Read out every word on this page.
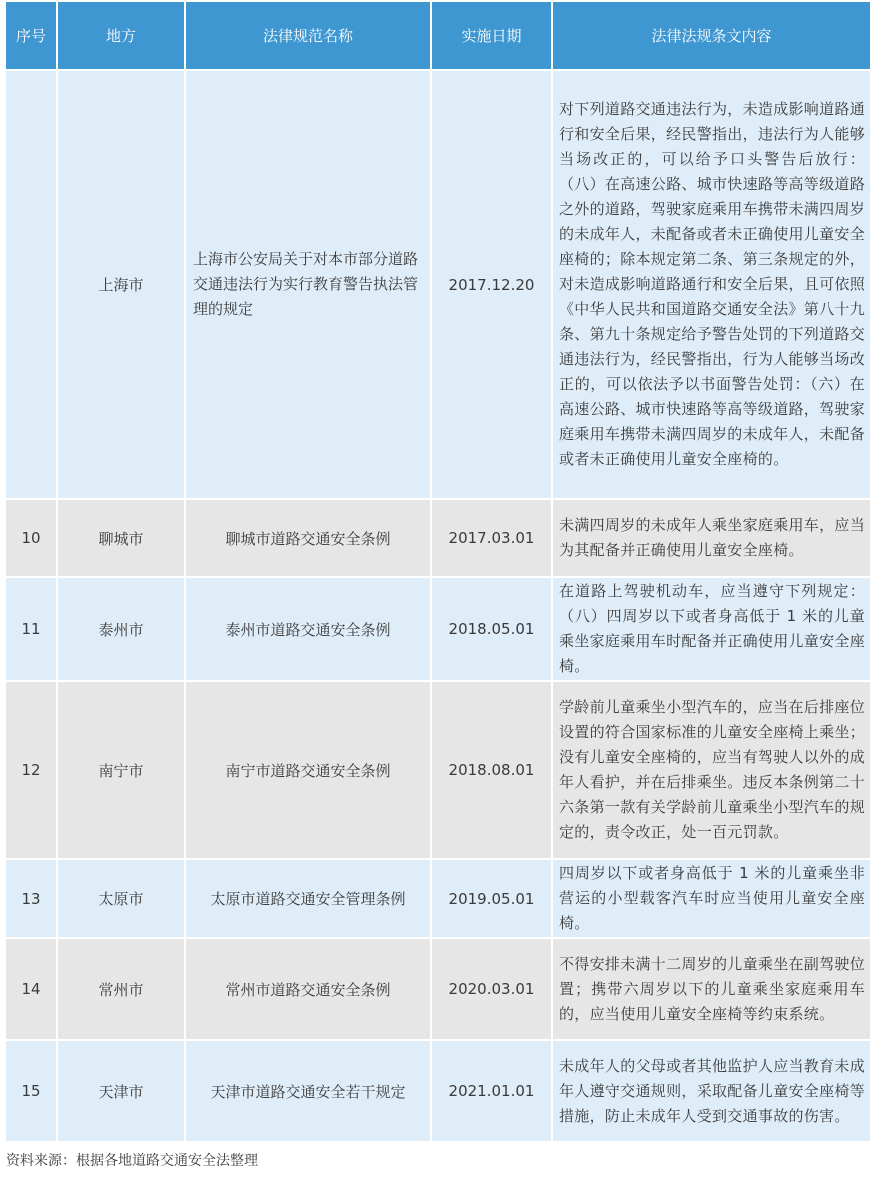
序号	地方	法律规范名称	实施日期	法律法规条文内容
	上海市	上海市公安局关于对本市部分道路交通违法行为实行教育警告执法管理的规定	2017.12.20	对下列道路交通违法行为，未造成影响道路通行和安全后果，经民警指出，违法行为人能够当场改正的，可以给予口头警告后放行：（八）在高速公路、城市快速路等高等级道路之外的道路，驾驶家庭乘用车携带未满四周岁的未成年人，未配备或者未正确使用儿童安全座椅的；除本规定第二条、第三条规定的外，对未造成影响道路通行和安全后果，且可依照《中华人民共和国道路交通安全法》第八十九条、第九十条规定给予警告处罚的下列道路交通违法行为，经民警指出，行为人能够当场改正的，可以依法予以书面警告处罚：（六）在高速公路、城市快速路等高等级道路，驾驶家庭乘用车携带未满四周岁的未成年人，未配备或者未正确使用儿童安全座椅的。
10	聊城市	聊城市道路交通安全条例	2017.03.01	未满四周岁的未成年人乘坐家庭乘用车，应当为其配备并正确使用儿童安全座椅。
11	泰州市	泰州市道路交通安全条例	2018.05.01	在道路上驾驶机动车，应当遵守下列规定：（八）四周岁以下或者身高低于 1 米的儿童乘坐家庭乘用车时配备并正确使用儿童安全座椅。
12	南宁市	南宁市道路交通安全条例	2018.08.01	学龄前儿童乘坐小型汽车的，应当在后排座位设置的符合国家标准的儿童安全座椅上乘坐；没有儿童安全座椅的，应当有驾驶人以外的成年人看护，并在后排乘坐。违反本条例第二十六条第一款有关学龄前儿童乘坐小型汽车的规定的，责令改正，处一百元罚款。
13	太原市	太原市道路交通安全管理条例	2019.05.01	四周岁以下或者身高低于 1 米的儿童乘坐非营运的小型载客汽车时应当使用儿童安全座椅。
14	常州市	常州市道路交通安全条例	2020.03.01	不得安排未满十二周岁的儿童乘坐在副驾驶位置；携带六周岁以下的儿童乘坐家庭乘用车的，应当使用儿童安全座椅等约束系统。
15	天津市	天津市道路交通安全若干规定	2021.01.01	未成年人的父母或者其他监护人应当教育未成年人遵守交通规则，采取配备儿童安全座椅等措施，防止未成年人受到交通事故的伤害。
资料来源：根据各地道路交通安全法整理
